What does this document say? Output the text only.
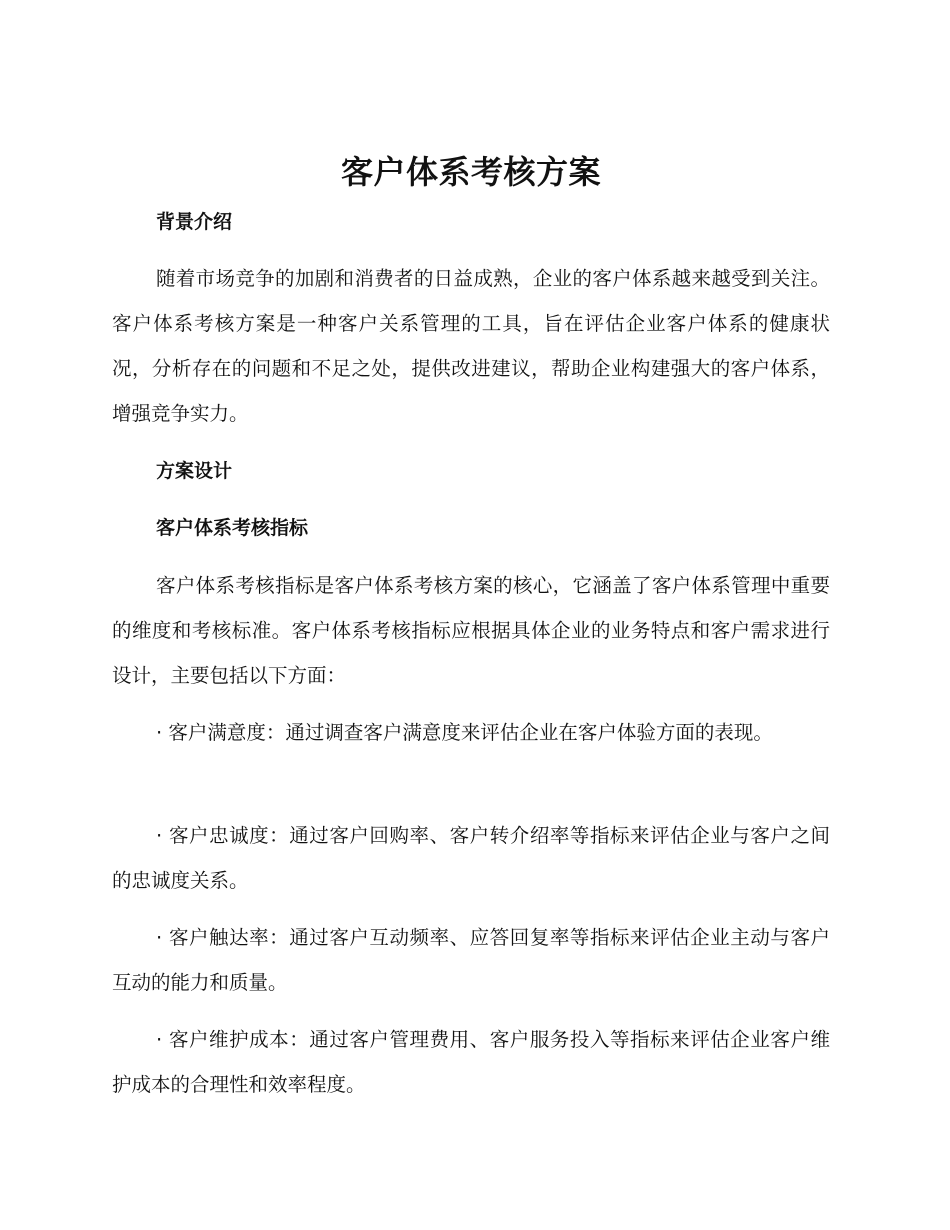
客户体系考核方案
背景介绍

随着市场竞争的加剧和消费者的日益成熟，企业的客户体系越来越受到关注。客户体系考核方案是一种客户关系管理的工具，旨在评估企业客户体系的健康状况，分析存在的问题和不足之处，提供改进建议，帮助企业构建强大的客户体系，增强竞争实力。

方案设计
客户体系考核指标

客户体系考核指标是客户体系考核方案的核心，它涵盖了客户体系管理中重要的维度和考核标准。客户体系考核指标应根据具体企业的业务特点和客户需求进行设计，主要包括以下方面：

· 客户满意度：通过调查客户满意度来评估企业在客户体验方面的表现。

· 客户忠诚度：通过客户回购率、客户转介绍率等指标来评估企业与客户之间的忠诚度关系。

· 客户触达率：通过客户互动频率、应答回复率等指标来评估企业主动与客户互动的能力和质量。

· 客户维护成本：通过客户管理费用、客户服务投入等指标来评估企业客户维护成本的合理性和效率程度。
